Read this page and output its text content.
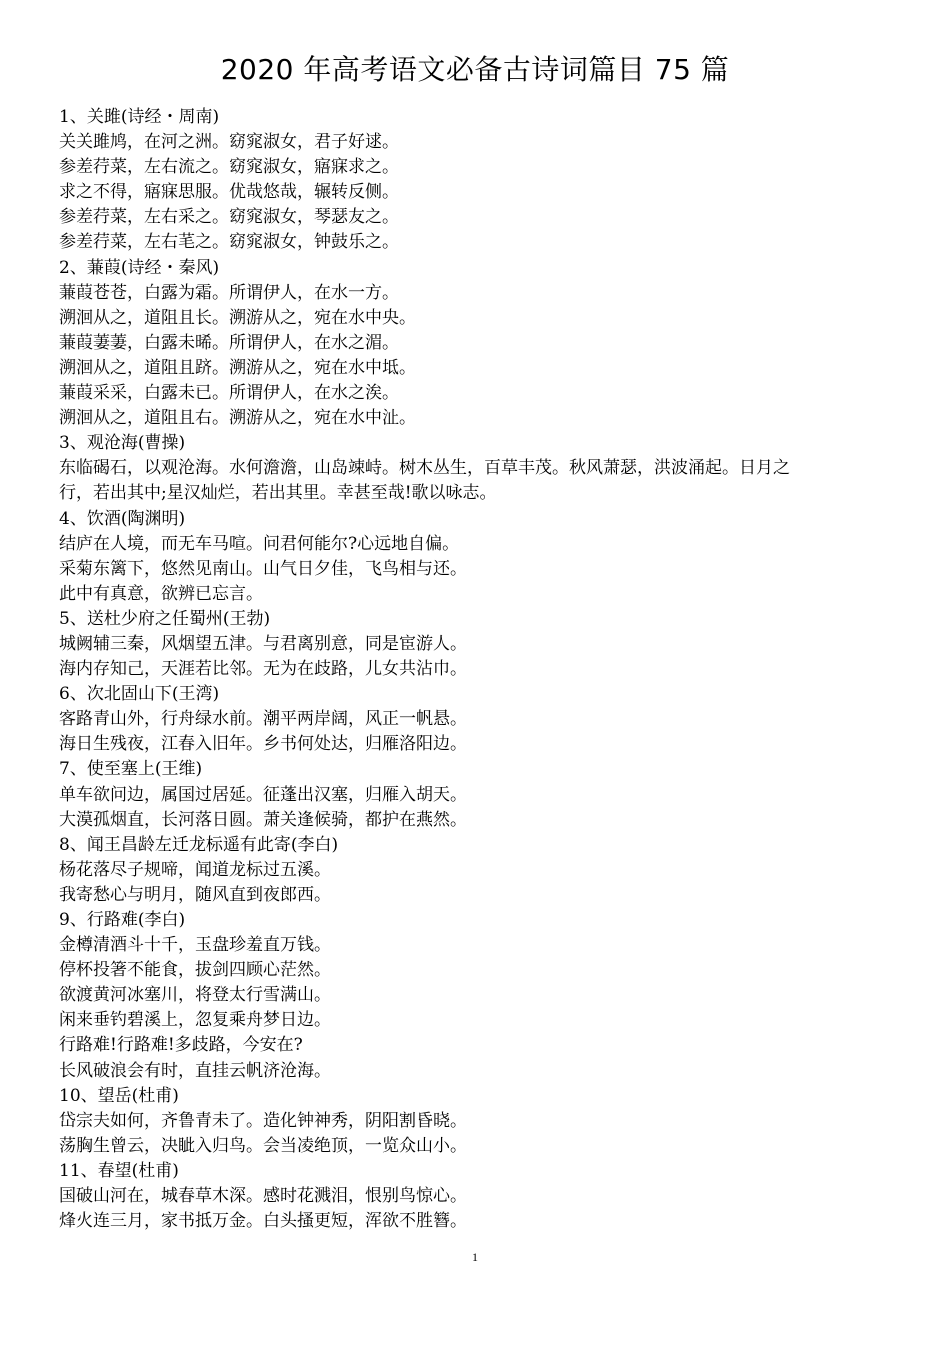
2020 年高考语文必备古诗词篇目 75 篇
1、关雎(诗经・周南)
关关雎鸠，在河之洲。窈窕淑女，君子好逑。
参差荇菜，左右流之。窈窕淑女，寤寐求之。
求之不得，寤寐思服。优哉悠哉，辗转反侧。
参差荇菜，左右采之。窈窕淑女，琴瑟友之。
参差荇菜，左右芼之。窈窕淑女，钟鼓乐之。
2、蒹葭(诗经・秦风)
蒹葭苍苍，白露为霜。所谓伊人，在水一方。
溯洄从之，道阻且长。溯游从之，宛在水中央。
蒹葭萋萋，白露未晞。所谓伊人，在水之湄。
溯洄从之，道阻且跻。溯游从之，宛在水中坻。
蒹葭采采，白露未已。所谓伊人，在水之涘。
溯洄从之，道阻且右。溯游从之，宛在水中沚。
3、观沧海(曹操)
东临碣石，以观沧海。水何澹澹，山岛竦峙。树木丛生，百草丰茂。秋风萧瑟，洪波涌起。日月之
行，若出其中;星汉灿烂，若出其里。幸甚至哉!歌以咏志。
4、饮酒(陶渊明)
结庐在人境，而无车马喧。问君何能尔?心远地自偏。
采菊东篱下，悠然见南山。山气日夕佳，飞鸟相与还。
此中有真意，欲辨已忘言。
5、送杜少府之任蜀州(王勃)
城阙辅三秦，风烟望五津。与君离别意，同是宦游人。
海内存知己，天涯若比邻。无为在歧路，儿女共沾巾。
6、次北固山下(王湾)
客路青山外，行舟绿水前。潮平两岸阔，风正一帆悬。
海日生残夜，江春入旧年。乡书何处达，归雁洛阳边。
7、使至塞上(王维)
单车欲问边，属国过居延。征蓬出汉塞，归雁入胡天。
大漠孤烟直，长河落日圆。萧关逢候骑，都护在燕然。
8、闻王昌龄左迁龙标遥有此寄(李白)
杨花落尽子规啼，闻道龙标过五溪。
我寄愁心与明月，随风直到夜郎西。
9、行路难(李白)
金樽清酒斗十千，玉盘珍羞直万钱。
停杯投箸不能食，拔剑四顾心茫然。
欲渡黄河冰塞川，将登太行雪满山。
闲来垂钓碧溪上，忽复乘舟梦日边。
行路难!行路难!多歧路，今安在?
长风破浪会有时，直挂云帆济沧海。
10、望岳(杜甫)
岱宗夫如何，齐鲁青未了。造化钟神秀，阴阳割昏晓。
荡胸生曾云，决眦入归鸟。会当凌绝顶，一览众山小。
11、春望(杜甫)
国破山河在，城春草木深。感时花溅泪，恨别鸟惊心。
烽火连三月，家书抵万金。白头搔更短，浑欲不胜簪。
1
